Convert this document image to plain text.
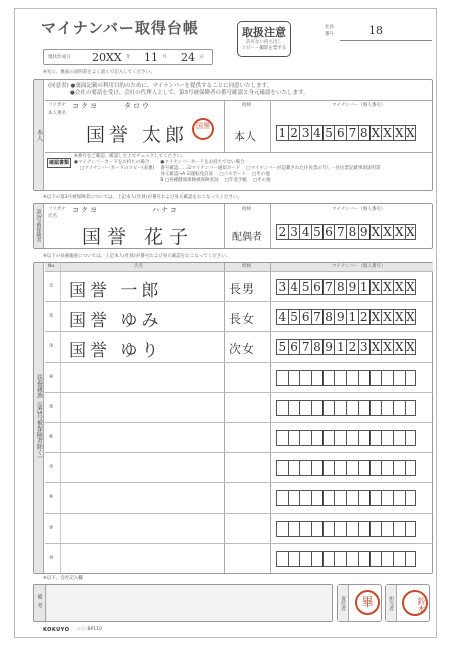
マイナンバー取得台帳	取扱注意
許可ない持ち出し
コピー・撮影を禁ずる
社員
番号	18
現状作成日 20XX 年 11 月 24 日
※先に、裏面の説明書をよく読んで記入してください。
本人
(同意書) ●裏面記載の利用目的のために、マイナンバーを提供することに同意いたします。
●会社の要請を受け、会社の代理人として、第3号被保険者の番号確認と身元確認をいたします。
フリガナ コクヨ	タロウ
本人署名
国誉 太郎	国誉
続柄
本人
マイナンバー（個人番号）
1 2 3 4 5 6 7 8 X X X X
確認書類
※番号をご確認、確認した上でチェックしてください。
●マイナンバーカードをお持ちの場合
□マイナンバーカードのコピー(表裏)
●マイナンバーカードをお持ちでない場合
番号確認……☑マイナンバー通知カード □マイナンバーが記載された住民票の写し・住民票記載事項証明書
身元確認→A ☑運転免許証 □パスポート □その他
B □各種健康保険被保険者証 □年金手帳 □その他
※以下の第3号被保険者については、上記本人(社員)が番号および身元確認をおこなってください。
第3号被保険者 フリガナ コクヨ	ハナコ
氏名
国誉 花子
続柄
配偶者
マイナンバー（個人番号）
2 3 4 5 6 7 8 9 X X X X
※以下の扶養親族については、上記本人(社員)が番号および身元確認をおこなってください。
扶養親族（第3号被保険者除く）
No.	氏名	続柄	マイナンバー（個人番号）
① 国誉 一郎	長男 3 4 5 6 7 8 9 1 X X X X
② 国誉 ゆみ	長女 4 5 6 7 8 9 1 2 X X X X
③ 国誉 ゆり	次女 5 6 7 8 9 1 2 3 X X X X
④
⑤
⑥
⑦
⑧
⑨
⑩
※以下、会社記入欄
備考	責任者	畢	担当者	鈴木
KOKUYO シン-BP110
